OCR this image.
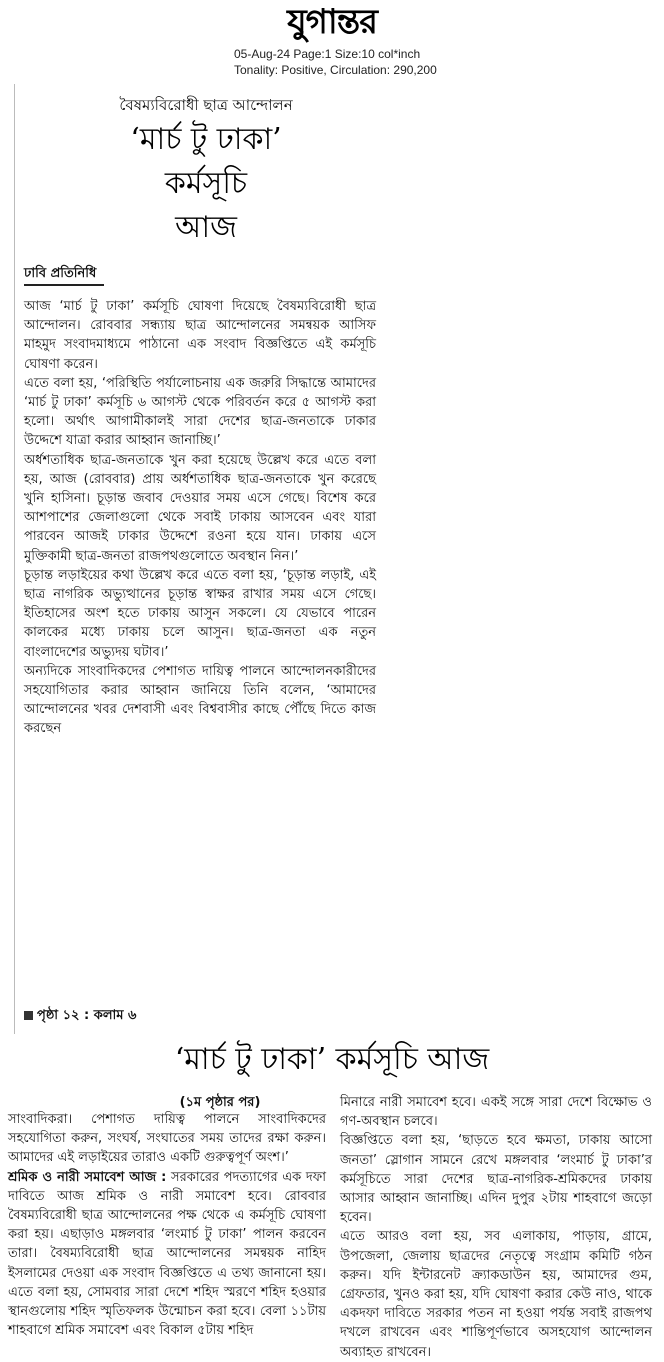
যুগান্তর
05-Aug-24 Page:1 Size:10 col*inch
Tonality: Positive, Circulation: 290,200
বৈষম্যবিরোধী ছাত্র আন্দোলন
‘মার্চ টু ঢাকা’
কর্মসূচি
আজ
ঢাবি প্রতিনিধি

আজ ‘মার্চ টু ঢাকা’ কর্মসূচি ঘোষণা দিয়েছে বৈষম্যবিরোধী ছাত্র আন্দোলন। রোববার সন্ধ্যায় ছাত্র আন্দোলনের সমন্বয়ক আসিফ মাহমুদ সংবাদমাধ্যমে পাঠানো এক সংবাদ বিজ্ঞপ্তিতে এই কর্মসূচি ঘোষণা করেন।

এতে বলা হয়, ‘পরিস্থিতি পর্যালোচনায় এক জরুরি সিদ্ধান্তে আমাদের ‘মার্চ টু ঢাকা’ কর্মসূচি ৬ আগস্ট থেকে পরিবর্তন করে ৫ আগস্ট করা হলো। অর্থাৎ আগামীকালই সারা দেশের ছাত্র-জনতাকে ঢাকার উদ্দেশে যাত্রা করার আহ্বান জানাচ্ছি।’

অর্ধশতাধিক ছাত্র-জনতাকে খুন করা হয়েছে উল্লেখ করে এতে বলা হয়, আজ (রোববার) প্রায় অর্ধশতাধিক ছাত্র-জনতাকে খুন করেছে খুনি হাসিনা। চূড়ান্ত জবাব দেওয়ার সময় এসে গেছে। বিশেষ করে আশপাশের জেলাগুলো থেকে সবাই ঢাকায় আসবেন এবং যারা পারবেন আজই ঢাকার উদ্দেশে রওনা হয়ে যান। ঢাকায় এসে মুক্তিকামী ছাত্র-জনতা রাজপথগুলোতে অবস্থান নিন।’

চূড়ান্ত লড়াইয়ের কথা উল্লেখ করে এতে বলা হয়, ‘চূড়ান্ত লড়াই, এই ছাত্র নাগরিক অভ্যুত্থানের চূড়ান্ত স্বাক্ষর রাখার সময় এসে গেছে। ইতিহাসের অংশ হতে ঢাকায় আসুন সকলে। যে যেভাবে পারেন কালকের মধ্যে ঢাকায় চলে আসুন। ছাত্র-জনতা এক নতুন বাংলাদেশের অভ্যুদয় ঘটাব।’

অন্যদিকে সাংবাদিকদের পেশাগত দায়িত্ব পালনে আন্দোলনকারীদের সহযোগিতার করার আহ্বান জানিয়ে তিনি বলেন, ‘আমাদের আন্দোলনের খবর দেশবাসী এবং বিশ্ববাসীর কাছে পৌঁছে দিতে কাজ করছেন

পৃষ্ঠা ১২ : কলাম ৬
‘মার্চ টু ঢাকা’ কর্মসূচি আজ
(১ম পৃষ্ঠার পর)

সাংবাদিকরা। পেশাগত দায়িত্ব পালনে সাংবাদিকদের সহযোগিতা করুন, সংঘর্ষ, সংঘাতের সময় তাদের রক্ষা করুন। আমাদের এই লড়াইয়ের তারাও একটি গুরুত্বপূর্ণ অংশ।’

শ্রমিক ও নারী সমাবেশ আজ : সরকারের পদত্যাগের এক দফা দাবিতে আজ শ্রমিক ও নারী সমাবেশ হবে। রোববার বৈষম্যবিরোধী ছাত্র আন্দোলনের পক্ষ থেকে এ কর্মসূচি ঘোষণা করা হয়। এছাড়াও মঙ্গলবার ‘লংমার্চ টু ঢাকা’ পালন করবেন তারা। বৈষম্যবিরোধী ছাত্র আন্দোলনের সমন্বয়ক নাহিদ ইসলামের দেওয়া এক সংবাদ বিজ্ঞপ্তিতে এ তথ্য জানানো হয়। এতে বলা হয়, সোমবার সারা দেশে শহিদ স্মরণে শহিদ হওয়ার স্থানগুলোয় শহিদ স্মৃতিফলক উন্মোচন করা হবে। বেলা ১১টায় শাহবাগে শ্রমিক সমাবেশ এবং বিকাল ৫টায় শহিদ

মিনারে নারী সমাবেশ হবে। একই সঙ্গে সারা দেশে বিক্ষোভ ও গণ-অবস্থান চলবে।

বিজ্ঞপ্তিতে বলা হয়, ‘ছাড়তে হবে ক্ষমতা, ঢাকায় আসো জনতা’ স্লোগান সামনে রেখে মঙ্গলবার ‘লংমার্চ টু ঢাকা’র কর্মসূচিতে সারা দেশের ছাত্র-নাগরিক-শ্রমিকদের ঢাকায় আসার আহ্বান জানাচ্ছি। এদিন দুপুর ২টায় শাহবাগে জড়ো হবেন।

এতে আরও বলা হয়, সব এলাকায়, পাড়ায়, গ্রামে, উপজেলা, জেলায় ছাত্রদের নেতৃত্বে সংগ্রাম কমিটি গঠন করুন। যদি ইন্টারনেট ক্র্যাকডাউন হয়, আমাদের গুম, গ্রেফতার, খুনও করা হয়, যদি ঘোষণা করার কেউ নাও, থাকে একদফা দাবিতে সরকার পতন না হওয়া পর্যন্ত সবাই রাজপথ দখলে রাখবেন এবং শান্তিপূর্ণভাবে অসহযোগ আন্দোলন অব্যাহত রাখবেন।
